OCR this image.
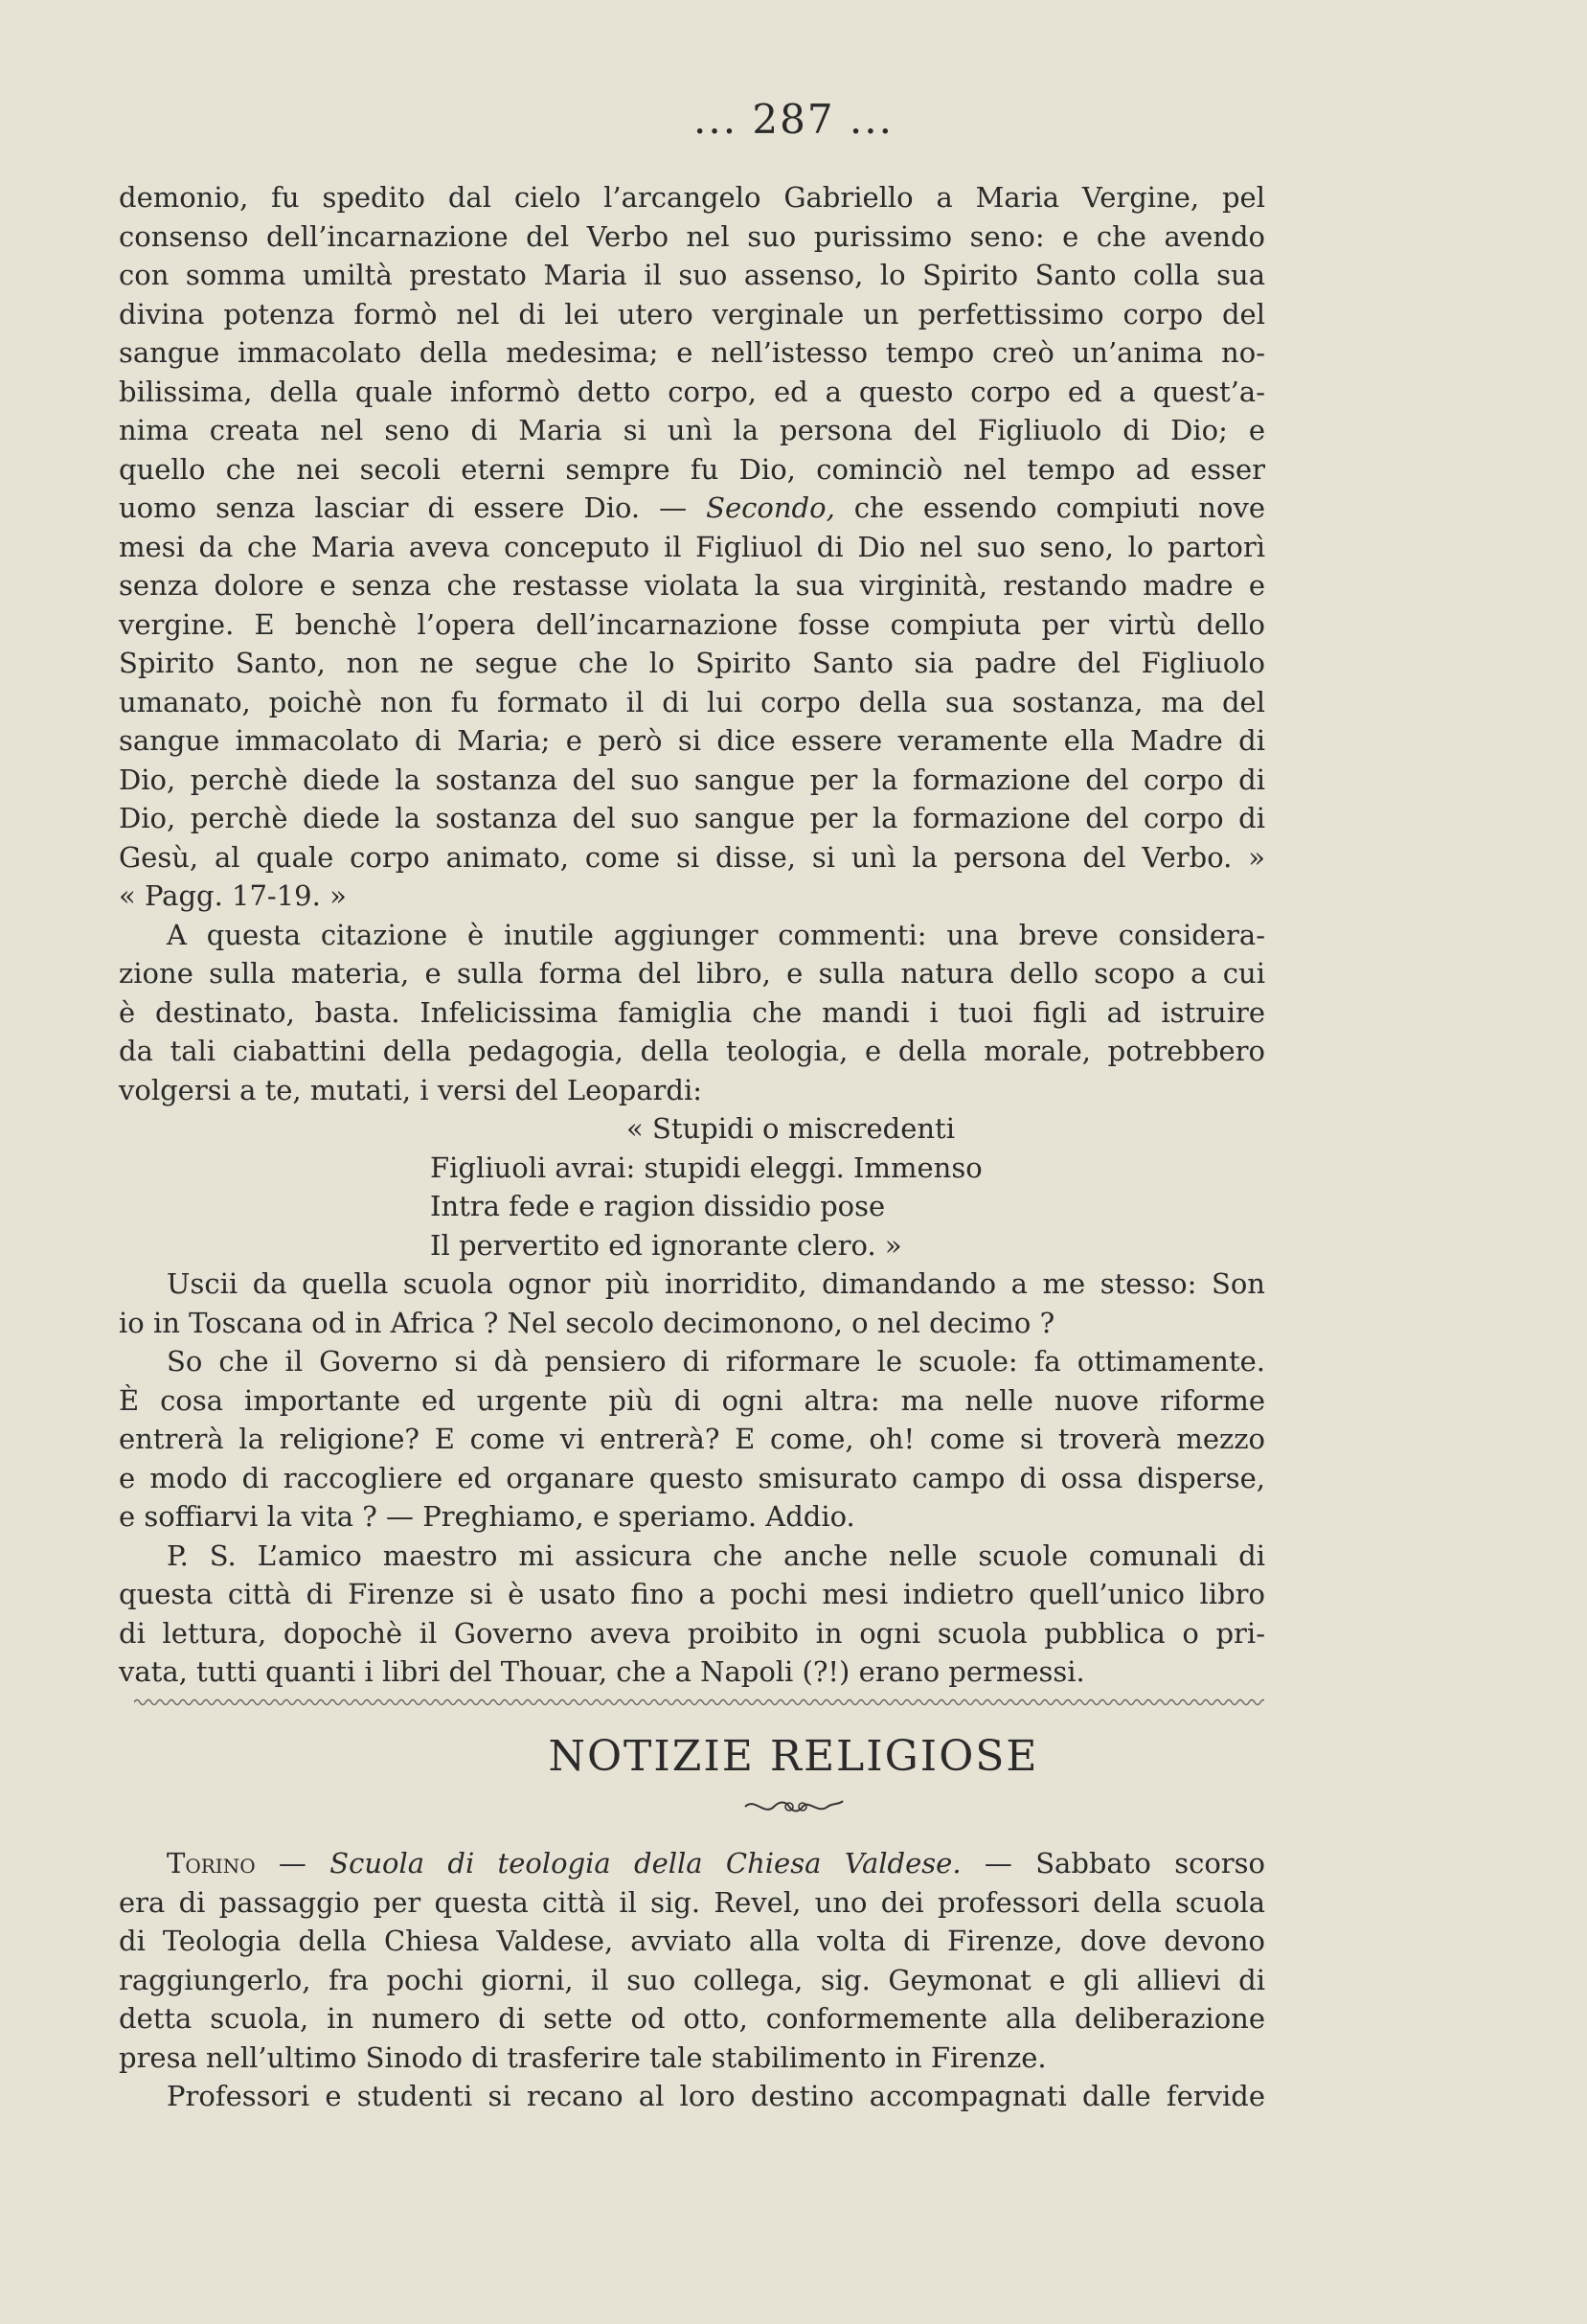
... 287 ...

demonio, fu spedito dal cielo l’arcangelo Gabriello a Maria Vergine, pel

consenso dell’incarnazione del Verbo nel suo purissimo seno: e che avendo

con somma umiltà prestato Maria il suo assenso, lo Spirito Santo colla sua

divina potenza formò nel di lei utero verginale un perfettissimo corpo del

sangue immacolato della medesima; e nell’istesso tempo creò un’anima no-

bilissima, della quale informò detto corpo, ed a questo corpo ed a quest’a-

nima creata nel seno di Maria si unì la persona del Figliuolo di Dio; e

quello che nei secoli eterni sempre fu Dio, cominciò nel tempo ad esser

uomo senza lasciar di essere Dio. — Secondo, che essendo compiuti nove

mesi da che Maria aveva conceputo il Figliuol di Dio nel suo seno, lo partorì

senza dolore e senza che restasse violata la sua virginità, restando madre e

vergine. E benchè l’opera dell’incarnazione fosse compiuta per virtù dello

Spirito Santo, non ne segue che lo Spirito Santo sia padre del Figliuolo

umanato, poichè non fu formato il di lui corpo della sua sostanza, ma del

sangue immacolato di Maria; e però si dice essere veramente ella Madre di

Dio, perchè diede la sostanza del suo sangue per la formazione del corpo di

Dio, perchè diede la sostanza del suo sangue per la formazione del corpo di

Gesù, al quale corpo animato, come si disse, si unì la persona del Verbo. »

« Pagg. 17-19. »

A questa citazione è inutile aggiunger commenti: una breve considera-

zione sulla materia, e sulla forma del libro, e sulla natura dello scopo a cui

è destinato, basta. Infelicissima famiglia che mandi i tuoi figli ad istruire

da tali ciabattini della pedagogia, della teologia, e della morale, potrebbero

volgersi a te, mutati, i versi del Leopardi:

« Stupidi o miscredenti
Figliuoli avrai: stupidi eleggi. Immenso
Intra fede e ragion dissidio pose
Il pervertito ed ignorante clero. »

Uscii da quella scuola ognor più inorridito, dimandando a me stesso: Son

io in Toscana od in Africa ? Nel secolo decimonono, o nel decimo ?

So che il Governo si dà pensiero di riformare le scuole: fa ottimamente.

È cosa importante ed urgente più di ogni altra: ma nelle nuove riforme

entrerà la religione? E come vi entrerà? E come, oh! come si troverà mezzo

e modo di raccogliere ed organare questo smisurato campo di ossa disperse,

e soffiarvi la vita ? — Preghiamo, e speriamo. Addio.

P. S. L’amico maestro mi assicura che anche nelle scuole comunali di

questa città di Firenze si è usato fino a pochi mesi indietro quell’unico libro

di lettura, dopochè il Governo aveva proibito in ogni scuola pubblica o pri-

vata, tutti quanti i libri del Thouar, che a Napoli (?!) erano permessi.

NOTIZIE RELIGIOSE

Torino — Scuola di teologia della Chiesa Valdese. — Sabbato scorso

era di passaggio per questa città il sig. Revel, uno dei professori della scuola

di Teologia della Chiesa Valdese, avviato alla volta di Firenze, dove devono

raggiungerlo, fra pochi giorni, il suo collega, sig. Geymonat e gli allievi di

detta scuola, in numero di sette od otto, conformemente alla deliberazione

presa nell’ultimo Sinodo di trasferire tale stabilimento in Firenze.

Professori e studenti si recano al loro destino accompagnati dalle fervide
